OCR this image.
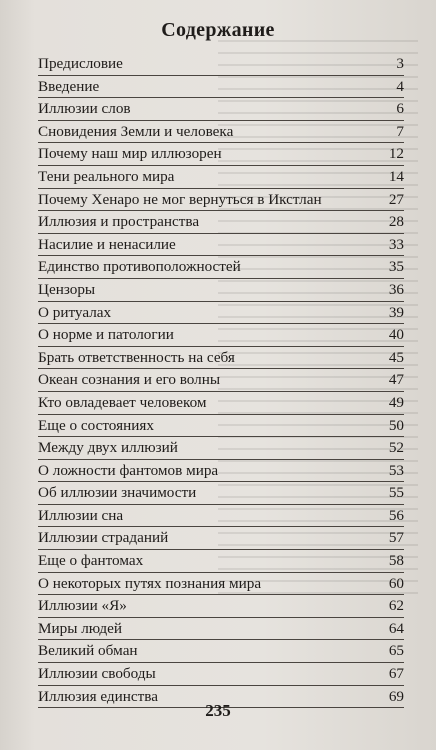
Содержание
Предисловие	3
Введение	4
Иллюзии слов	6
Сновидения Земли и человека	7
Почему наш мир иллюзорен	12
Тени реального мира	14
Почему Хенаро не мог вернуться в Икстлан	27
Иллюзия и пространства	28
Насилие и ненасилие	33
Единство противоположностей	35
Цензоры	36
О ритуалах	39
О норме и патологии	40
Брать ответственность на себя	45
Океан сознания и его волны	47
Кто овладевает человеком	49
Еще о состояниях	50
Между двух иллюзий	52
О ложности фантомов мира	53
Об иллюзии значимости	55
Иллюзии сна	56
Иллюзии страданий	57
Еще о фантомах	58
О некоторых путях познания мира	60
Иллюзии «Я»	62
Миры людей	64
Великий обман	65
Иллюзии свободы	67
Иллюзия единства	69
235
